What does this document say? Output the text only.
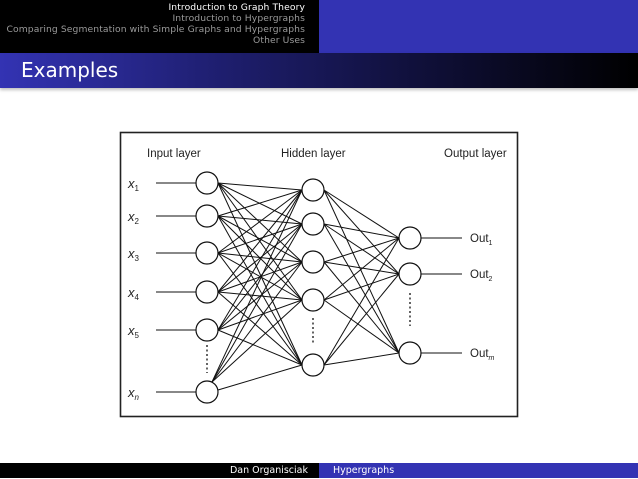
Introduction to Graph Theory
Introduction to Hypergraphs
Comparing Segmentation with Simple Graphs and Hypergraphs
Other Uses
Examples
Input layer	Hidden layer	Output layer
$x_1$
$x_2$
$x_3$
$x_4$
$x_5$
$x_n$
Out$_1$
Out$_2$
Out$_m$
Dan Organisciak	Hypergraphs
